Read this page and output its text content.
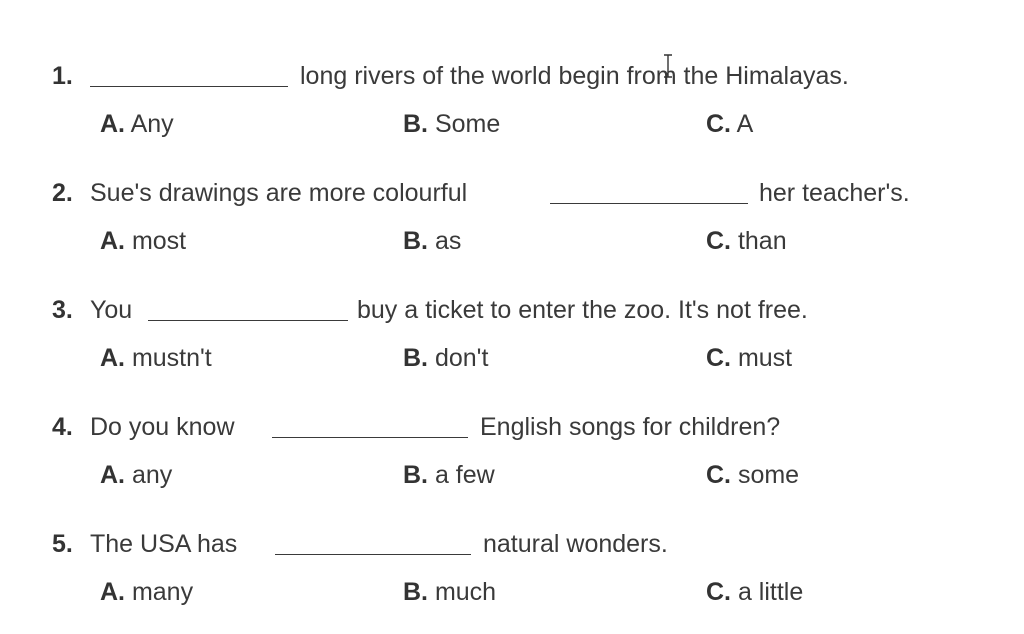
1.	long rivers of the world begin from the Himalayas.
A. Any	B. Some	C. A
2. Sue's drawings are more colourful	her teacher's.
A. most	B. as	C. than
3. You	buy a ticket to enter the zoo. It's not free.
A. mustn't	B. don't	C. must
4. Do you know	English songs for children?
A. any	B. a few	C. some
5. The USA has	natural wonders.
A. many	B. much	C. a little
